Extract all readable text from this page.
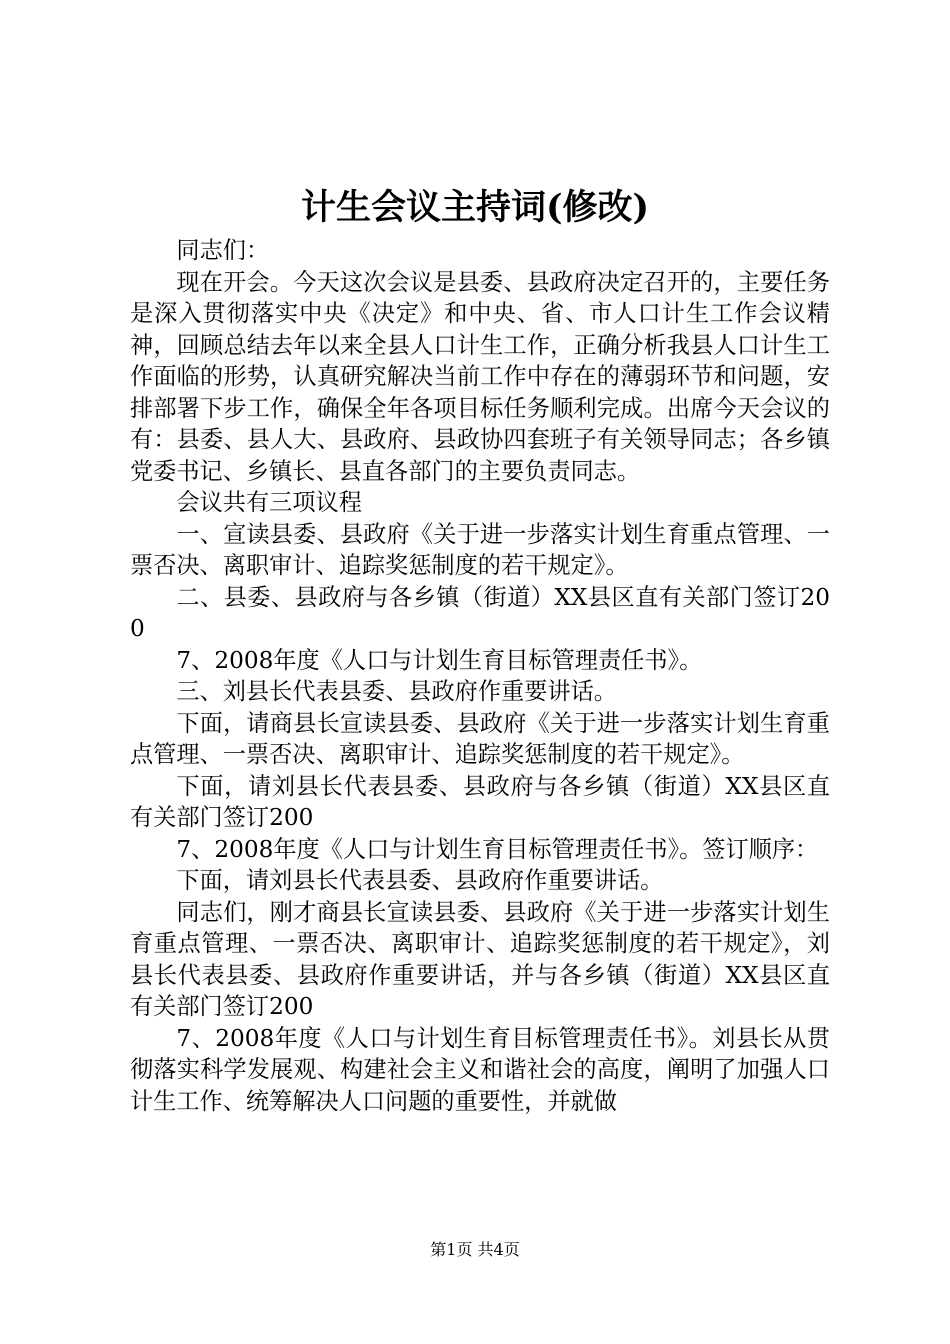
计生会议主持词(修改)

同志们：

现在开会。今天这次会议是县委、县政府决定召开的，主要任务是深入贯彻落实中央《决定》和中央、省、市人口计生工作会议精神，回顾总结去年以来全县人口计生工作，正确分析我县人口计生工作面临的形势，认真研究解决当前工作中存在的薄弱环节和问题，安排部署下步工作，确保全年各项目标任务顺利完成。出席今天会议的有：县委、县人大、县政府、县政协四套班子有关领导同志；各乡镇党委书记、乡镇长、县直各部门的主要负责同志。

会议共有三项议程

一、宣读县委、县政府《关于进一步落实计划生育重点管理、一票否决、离职审计、追踪奖惩制度的若干规定》。

二、县委、县政府与各乡镇（街道）XX县区直有关部门签订200

7、2008年度《人口与计划生育目标管理责任书》。

三、刘县长代表县委、县政府作重要讲话。

下面，请商县长宣读县委、县政府《关于进一步落实计划生育重点管理、一票否决、离职审计、追踪奖惩制度的若干规定》。

下面，请刘县长代表县委、县政府与各乡镇（街道）XX县区直有关部门签订200

7、2008年度《人口与计划生育目标管理责任书》。签订顺序：

下面，请刘县长代表县委、县政府作重要讲话。

同志们，刚才商县长宣读县委、县政府《关于进一步落实计划生育重点管理、一票否决、离职审计、追踪奖惩制度的若干规定》，刘县长代表县委、县政府作重要讲话，并与各乡镇（街道）XX县区直有关部门签订200

7、2008年度《人口与计划生育目标管理责任书》。刘县长从贯彻落实科学发展观、构建社会主义和谐社会的高度，阐明了加强人口计生工作、统筹解决人口问题的重要性，并就做

第1页 共4页
